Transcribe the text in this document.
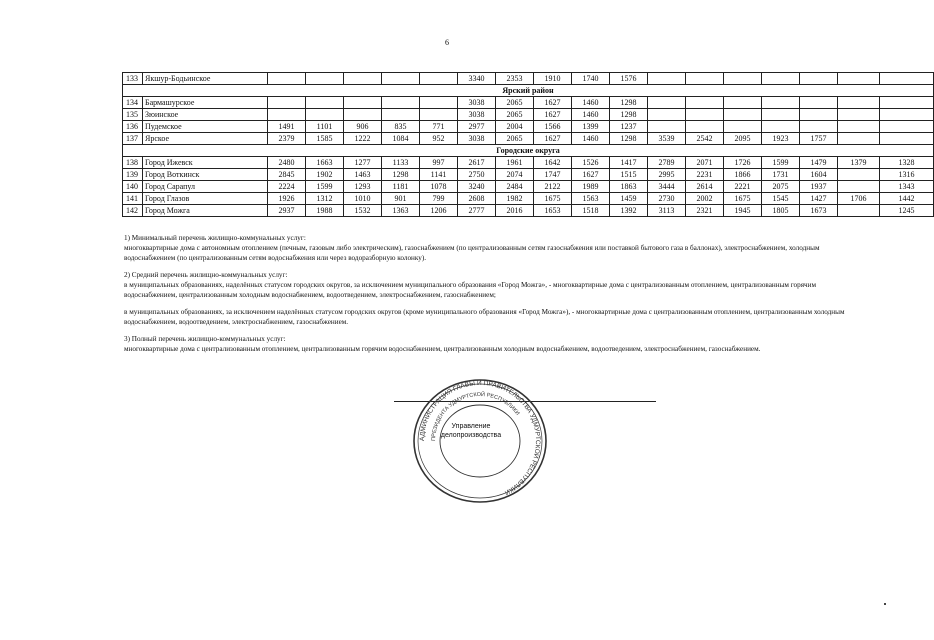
6
133	Якшур-Бодьинское						3340	2353	1910	1740	1576							
Ярский район																		
134	Бармашурское						3038	2065	1627	1460	1298							
135	Зюинское						3038	2065	1627	1460	1298							
136	Пудемское	1491	1101	906	835	771	2977	2004	1566	1399	1237							
137	Ярское	2379	1585	1222	1084	952	3038	2065	1627	1460	1298	3539	2542	2095	1923	1757		
Городские округа																		
138	Город Ижевск	2480	1663	1277	1133	997	2617	1961	1642	1526	1417	2789	2071	1726	1599	1479	1379	1328
139	Город Воткинск	2845	1902	1463	1298	1141	2750	2074	1747	1627	1515	2995	2231	1866	1731	1604		1316
140	Город Сарапул	2224	1599	1293	1181	1078	3240	2484	2122	1989	1863	3444	2614	2221	2075	1937		1343
141	Город Глазов	1926	1312	1010	901	799	2608	1982	1675	1563	1459	2730	2002	1675	1545	1427	1706	1442
142	Город Можга	2937	1988	1532	1363	1206	2777	2016	1653	1518	1392	3113	2321	1945	1805	1673		1245

1) Минимальный перечень жилищно-коммунальных услуг:

многоквартирные дома с автономным отоплением (печным, газовым либо электрическим), газоснабжением (по централизованным сетям газоснабжения или поставкой бытового газа в баллонах), электроснабжением, холодным водоснабжением (по централизованным сетям водоснабжения или через водоразборную колонку).

2) Средний перечень жилищно-коммунальных услуг:

в муниципальных образованиях, наделённых статусом городских округов, за исключением муниципального образования «Город Можга», - многоквартирные дома с централизованным отоплением, централизованным горячим водоснабжением, централизованным холодным водоснабжением, водоотведением, электроснабжением, газоснабжением;

в муниципальных образованиях, за исключением наделённых статусом городских округов (кроме муниципального образования «Город Можга»), - многоквартирные дома с централизованным отоплением, централизованным холодным водоснабжением, водоотведением, электроснабжением, газоснабжением.

3) Полный перечень жилищно-коммунальных услуг:

многоквартирные дома с централизованным отоплением, централизованным горячим водоснабжением, централизованным холодным водоснабжением, водоотведением, электроснабжением, газоснабжением.

АДМИНИСТРАЦИЯ ГЛАВЫ И ПРАВИТЕЛЬСТВА УДМУРТСКОЙ РЕСПУБЛИКИ
ПРЕЗИДЕНТА УДМУРТСКОЙ РЕСПУБЛИКИ
Управление делопроизводства
